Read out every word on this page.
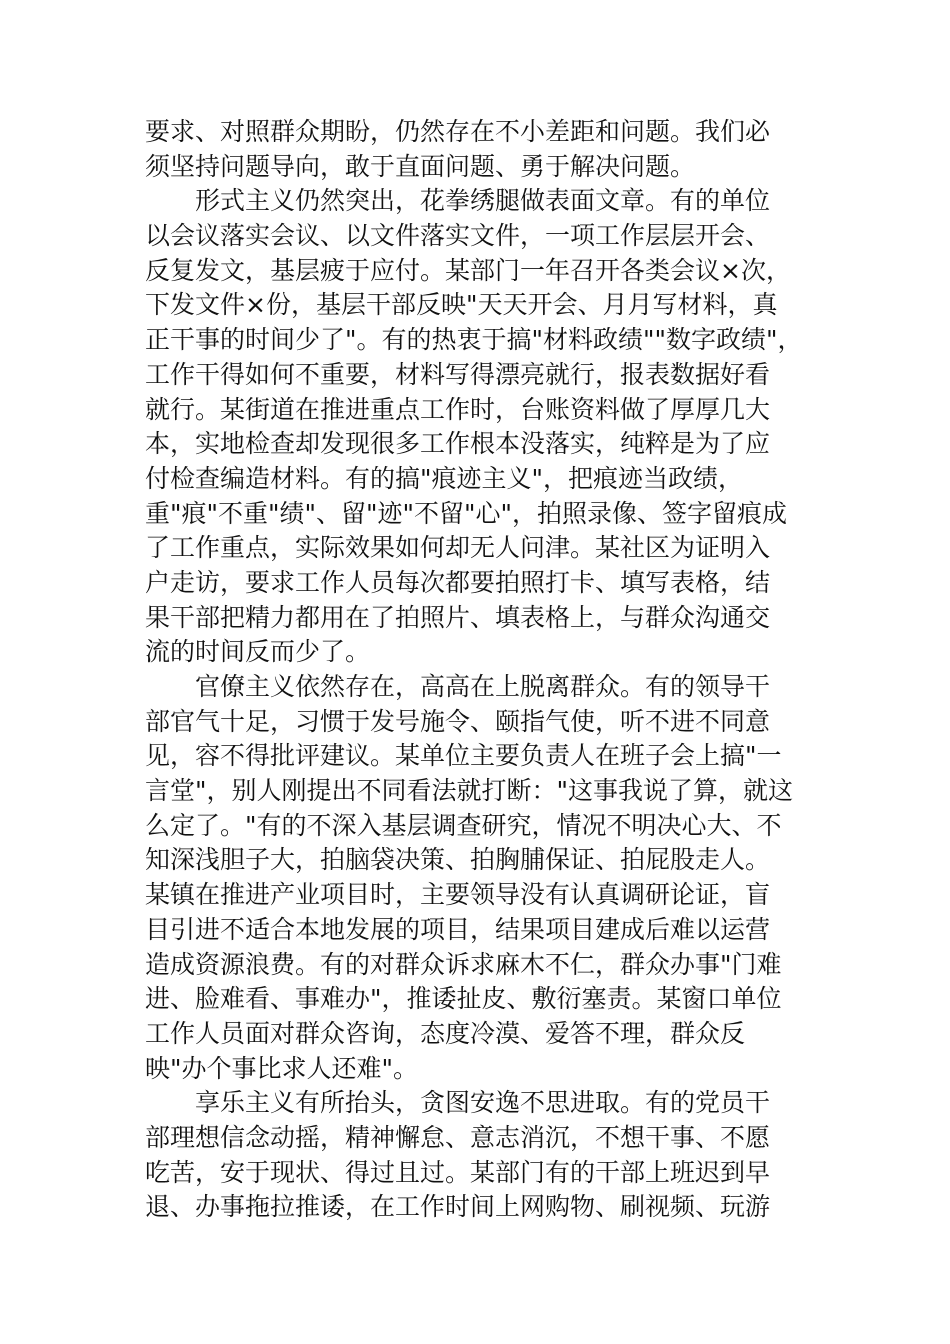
要求、对照群众期盼，仍然存在不小差距和问题。我们必
须坚持问题导向，敢于直面问题、勇于解决问题。
形式主义仍然突出，花拳绣腿做表面文章。有的单位
以会议落实会议、以文件落实文件，一项工作层层开会、
反复发文，基层疲于应付。某部门一年召开各类会议×次，
下发文件×份，基层干部反映"天天开会、月月写材料，真
正干事的时间少了"。有的热衷于搞"材料政绩""数字政绩"，
工作干得如何不重要，材料写得漂亮就行，报表数据好看
就行。某街道在推进重点工作时，台账资料做了厚厚几大
本，实地检查却发现很多工作根本没落实，纯粹是为了应
付检查编造材料。有的搞"痕迹主义"，把痕迹当政绩，
重"痕"不重"绩"、留"迹"不留"心"，拍照录像、签字留痕成
了工作重点，实际效果如何却无人问津。某社区为证明入
户走访，要求工作人员每次都要拍照打卡、填写表格，结
果干部把精力都用在了拍照片、填表格上，与群众沟通交
流的时间反而少了。
官僚主义依然存在，高高在上脱离群众。有的领导干
部官气十足，习惯于发号施令、颐指气使，听不进不同意
见，容不得批评建议。某单位主要负责人在班子会上搞"一
言堂"，别人刚提出不同看法就打断："这事我说了算，就这
么定了。"有的不深入基层调查研究，情况不明决心大、不
知深浅胆子大，拍脑袋决策、拍胸脯保证、拍屁股走人。
某镇在推进产业项目时，主要领导没有认真调研论证，盲
目引进不适合本地发展的项目，结果项目建成后难以运营
造成资源浪费。有的对群众诉求麻木不仁，群众办事"门难
进、脸难看、事难办"，推诿扯皮、敷衍塞责。某窗口单位
工作人员面对群众咨询，态度冷漠、爱答不理，群众反
映"办个事比求人还难"。
享乐主义有所抬头，贪图安逸不思进取。有的党员干
部理想信念动摇，精神懈怠、意志消沉，不想干事、不愿
吃苦，安于现状、得过且过。某部门有的干部上班迟到早
退、办事拖拉推诿，在工作时间上网购物、刷视频、玩游
